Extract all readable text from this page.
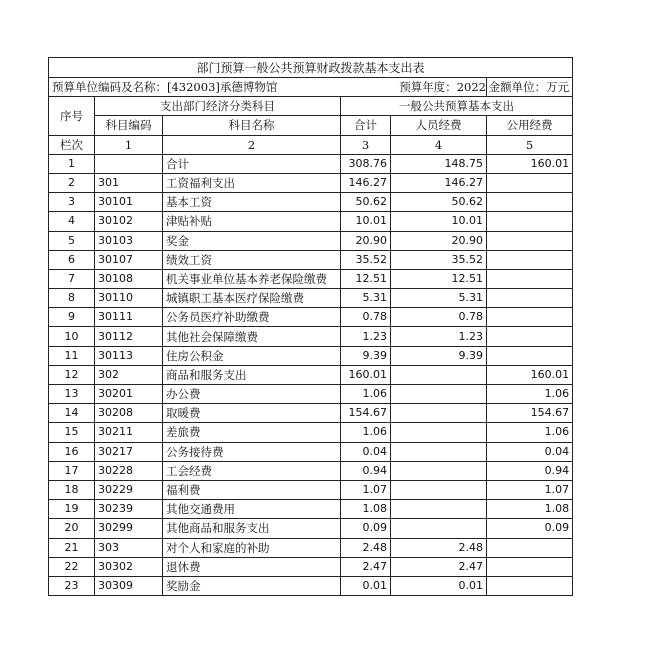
部门预算一般公共预算财政拨款基本支出表					
预算单位编码及名称：[432003]承德博物馆			预算年度：2022		金额单位：万元
序号	支出部门经济分类科目		一般公共预算基本支出		
	科目编码	科目名称	合计	人员经费	公用经费
栏次	1	2	3	4	5
1		合计	308.76	148.75	160.01
2	301	工资福利支出	146.27	146.27	
3	30101	基本工资	50.62	50.62	
4	30102	津贴补贴	10.01	10.01	
5	30103	奖金	20.90	20.90	
6	30107	绩效工资	35.52	35.52	
7	30108	机关事业单位基本养老保险缴费	12.51	12.51	
8	30110	城镇职工基本医疗保险缴费	5.31	5.31	
9	30111	公务员医疗补助缴费	0.78	0.78	
10	30112	其他社会保障缴费	1.23	1.23	
11	30113	住房公积金	9.39	9.39	
12	302	商品和服务支出	160.01		160.01
13	30201	办公费	1.06		1.06
14	30208	取暖费	154.67		154.67
15	30211	差旅费	1.06		1.06
16	30217	公务接待费	0.04		0.04
17	30228	工会经费	0.94		0.94
18	30229	福利费	1.07		1.07
19	30239	其他交通费用	1.08		1.08
20	30299	其他商品和服务支出	0.09		0.09
21	303	对个人和家庭的补助	2.48	2.48	
22	30302	退休费	2.47	2.47	
23	30309	奖励金	0.01	0.01	
